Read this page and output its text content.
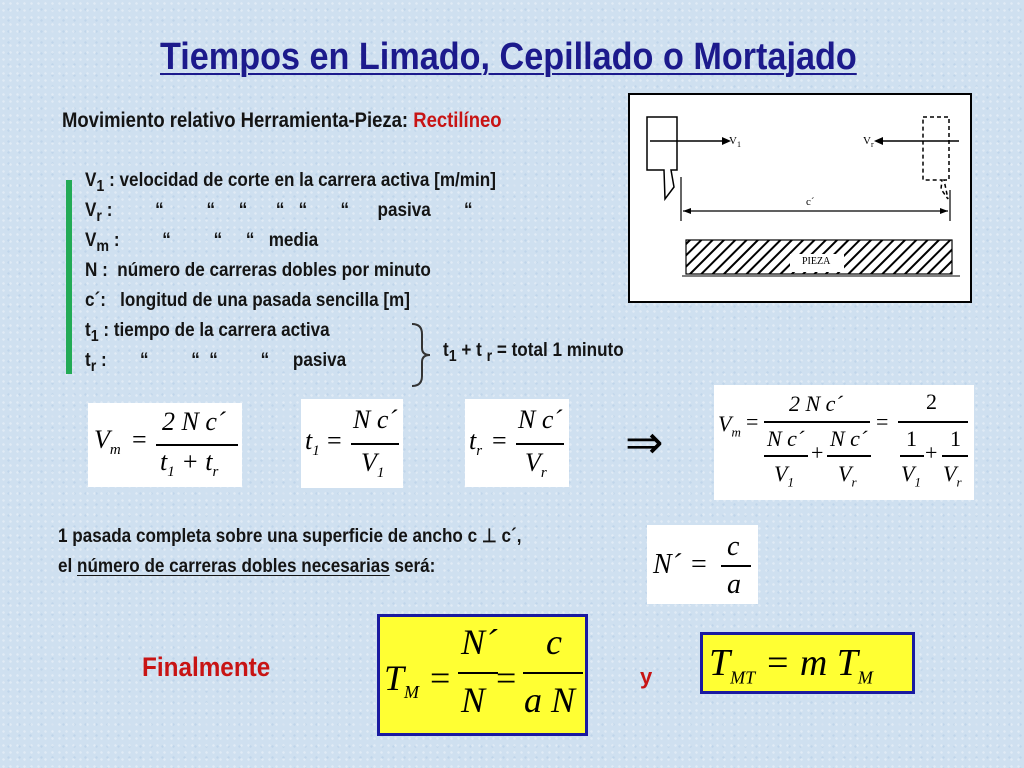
Tiempos en Limado, Cepillado o Mortajado
Movimiento relativo Herramienta-Pieza: Rectilíneo
$V_1$ : velocidad de corte en la carrera activa [m/min]
$V_r$ :         “         “     “      “   “       “      pasiva       “
$V_m$ :         “         “     “   media
N :  número de carreras dobles por minuto
c´:   longitud de una pasada sencilla [m]
$t_1$ : tiempo de la carrera activa
$t_r$ :       “         “  “         “     pasiva	$t_1 + t$ $_r$ = total 1 minuto
$V_1$	$V_r$
c´
PIEZA
$V_m$ =
2 N c´
$t_1 + t_r$
$t_1$ =
N c´
$V_1$
$t_r$ =
N c´
$V_r$
⇒ $V_m$ =
2 N c´
N c´
$V_1$
+
N c´
$V_r$
=
2
1
$V_1$
+
1
$V_r$
1 pasada completa sobre una superficie de ancho c ⊥ c´,
el número de carreras dobles necesarias será:	N´ =
c
a
Finalmente	$T_M$ =
N´
N
=
c
a N
y $T_{MT} = m$ $T_M$
